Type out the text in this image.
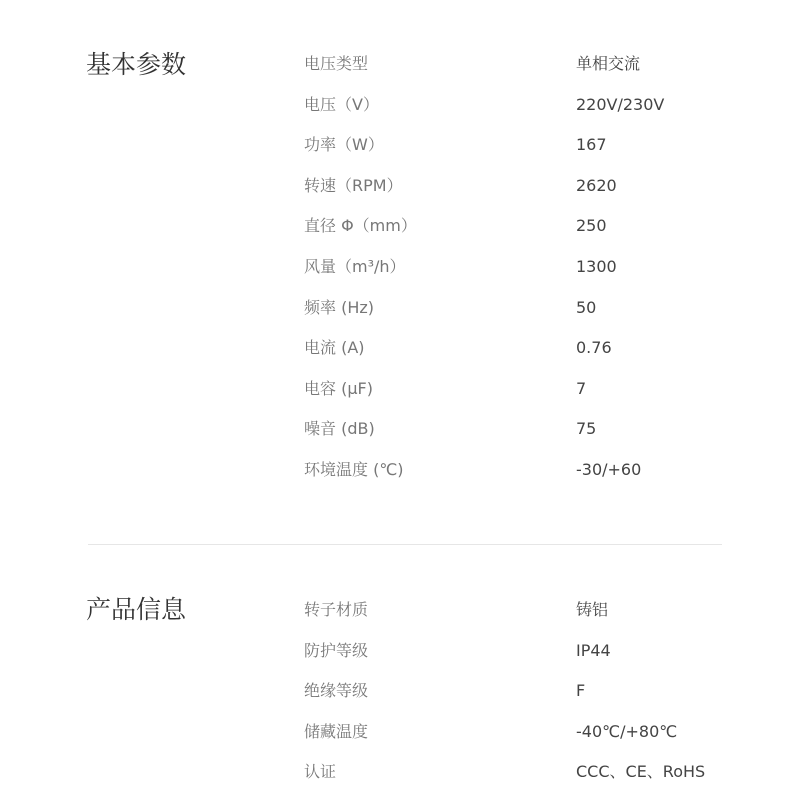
基本参数	电压类型	单相交流
电压（V）	220V/230V
功率（W）	167
转速（RPM）	2620
直径 Φ（mm）	250
风量（m³/h）	1300
频率 (Hz)	50
电流 (A)	0.76
电容 (μF)	7
噪音 (dB)	75
环境温度 (℃)	-30/+60
产品信息	转子材质	铸铝
防护等级	IP44
绝缘等级	F
储藏温度	-40℃/+80℃
认证	CCC、CE、RoHS
